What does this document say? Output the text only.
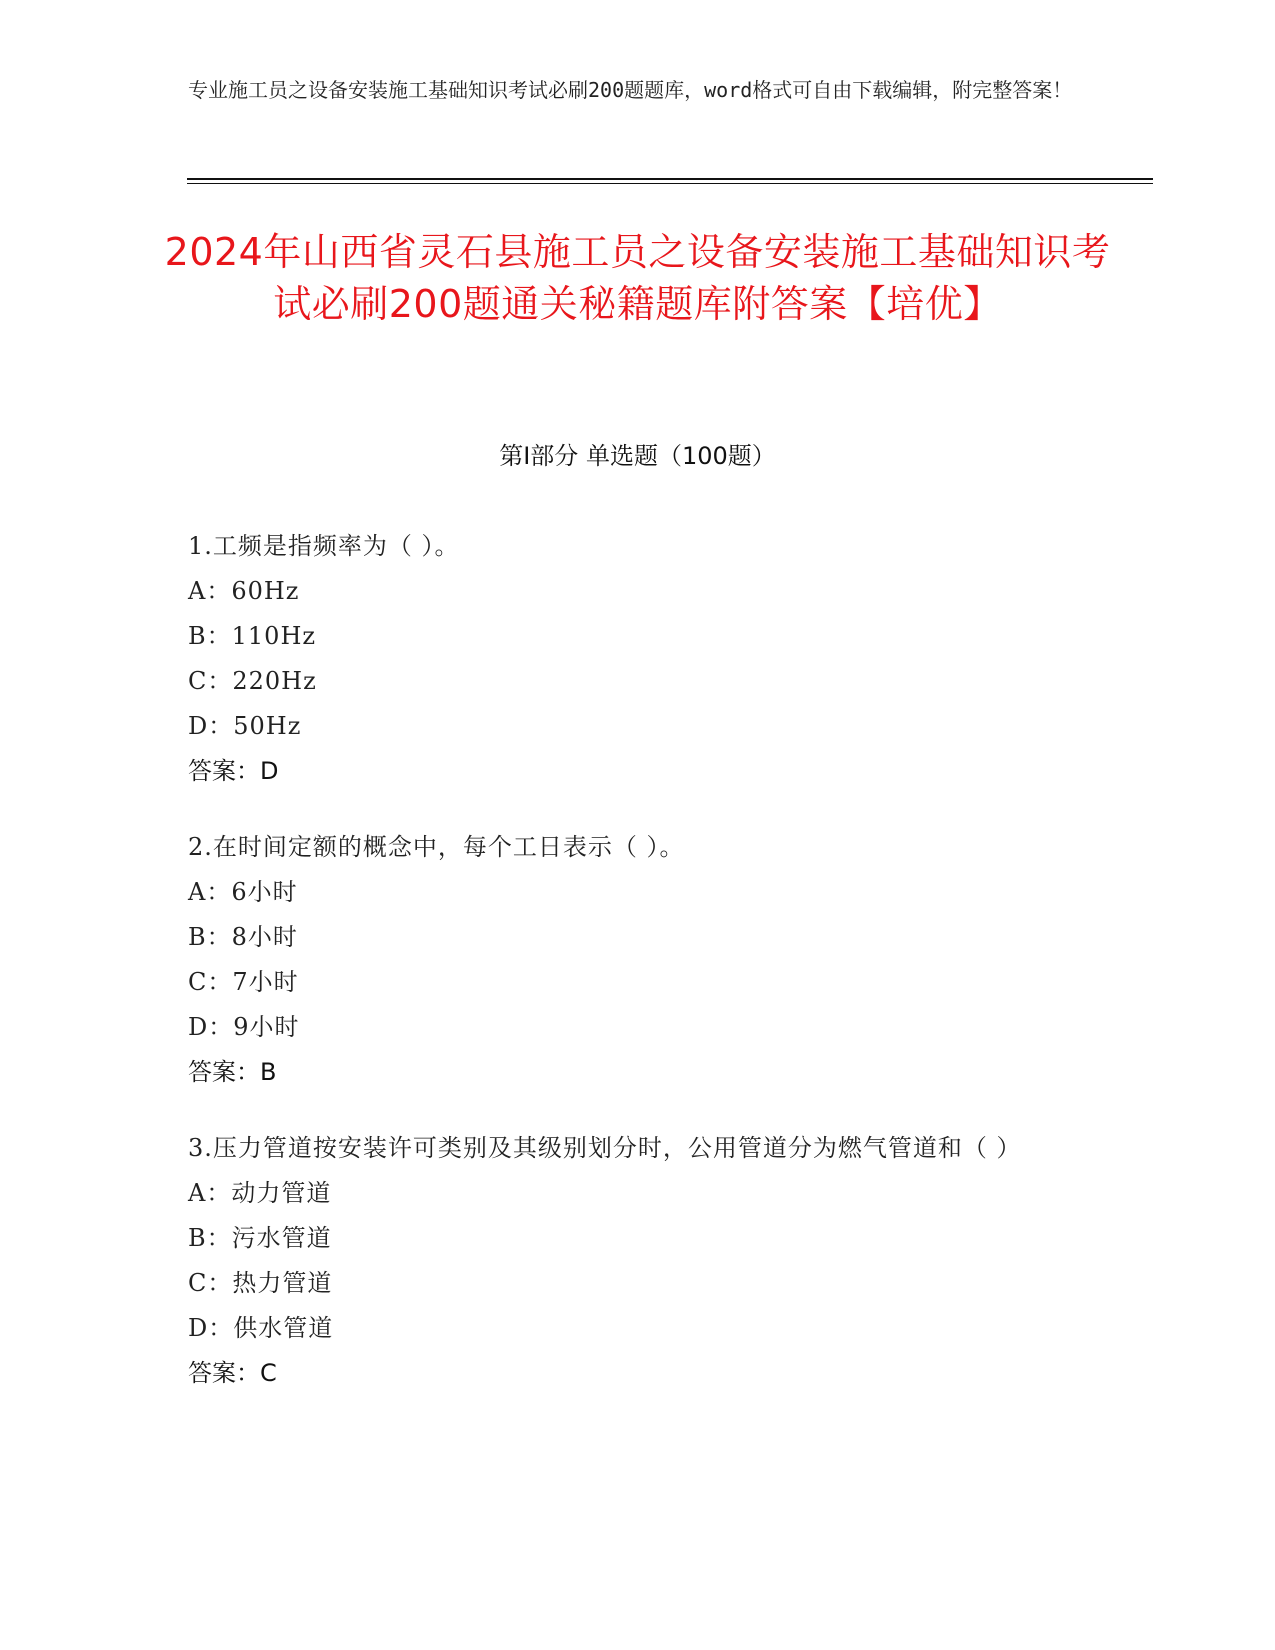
专业施工员之设备安装施工基础知识考试必刷200题题库，word格式可自由下载编辑，附完整答案！
2024年山西省灵石县施工员之设备安装施工基础知识考试必刷200题通关秘籍题库附答案【培优】
第I部分 单选题（100题）
1.工频是指频率为（ ）。
A：60Hz
B：110Hz
C：220Hz
D：50Hz
答案：D
2.在时间定额的概念中，每个工日表示（ ）。
A：6小时
B：8小时
C：7小时
D：9小时
答案：B
3.压力管道按安装许可类别及其级别划分时，公用管道分为燃气管道和（ ）
A：动力管道
B：污水管道
C：热力管道
D：供水管道
答案：C
